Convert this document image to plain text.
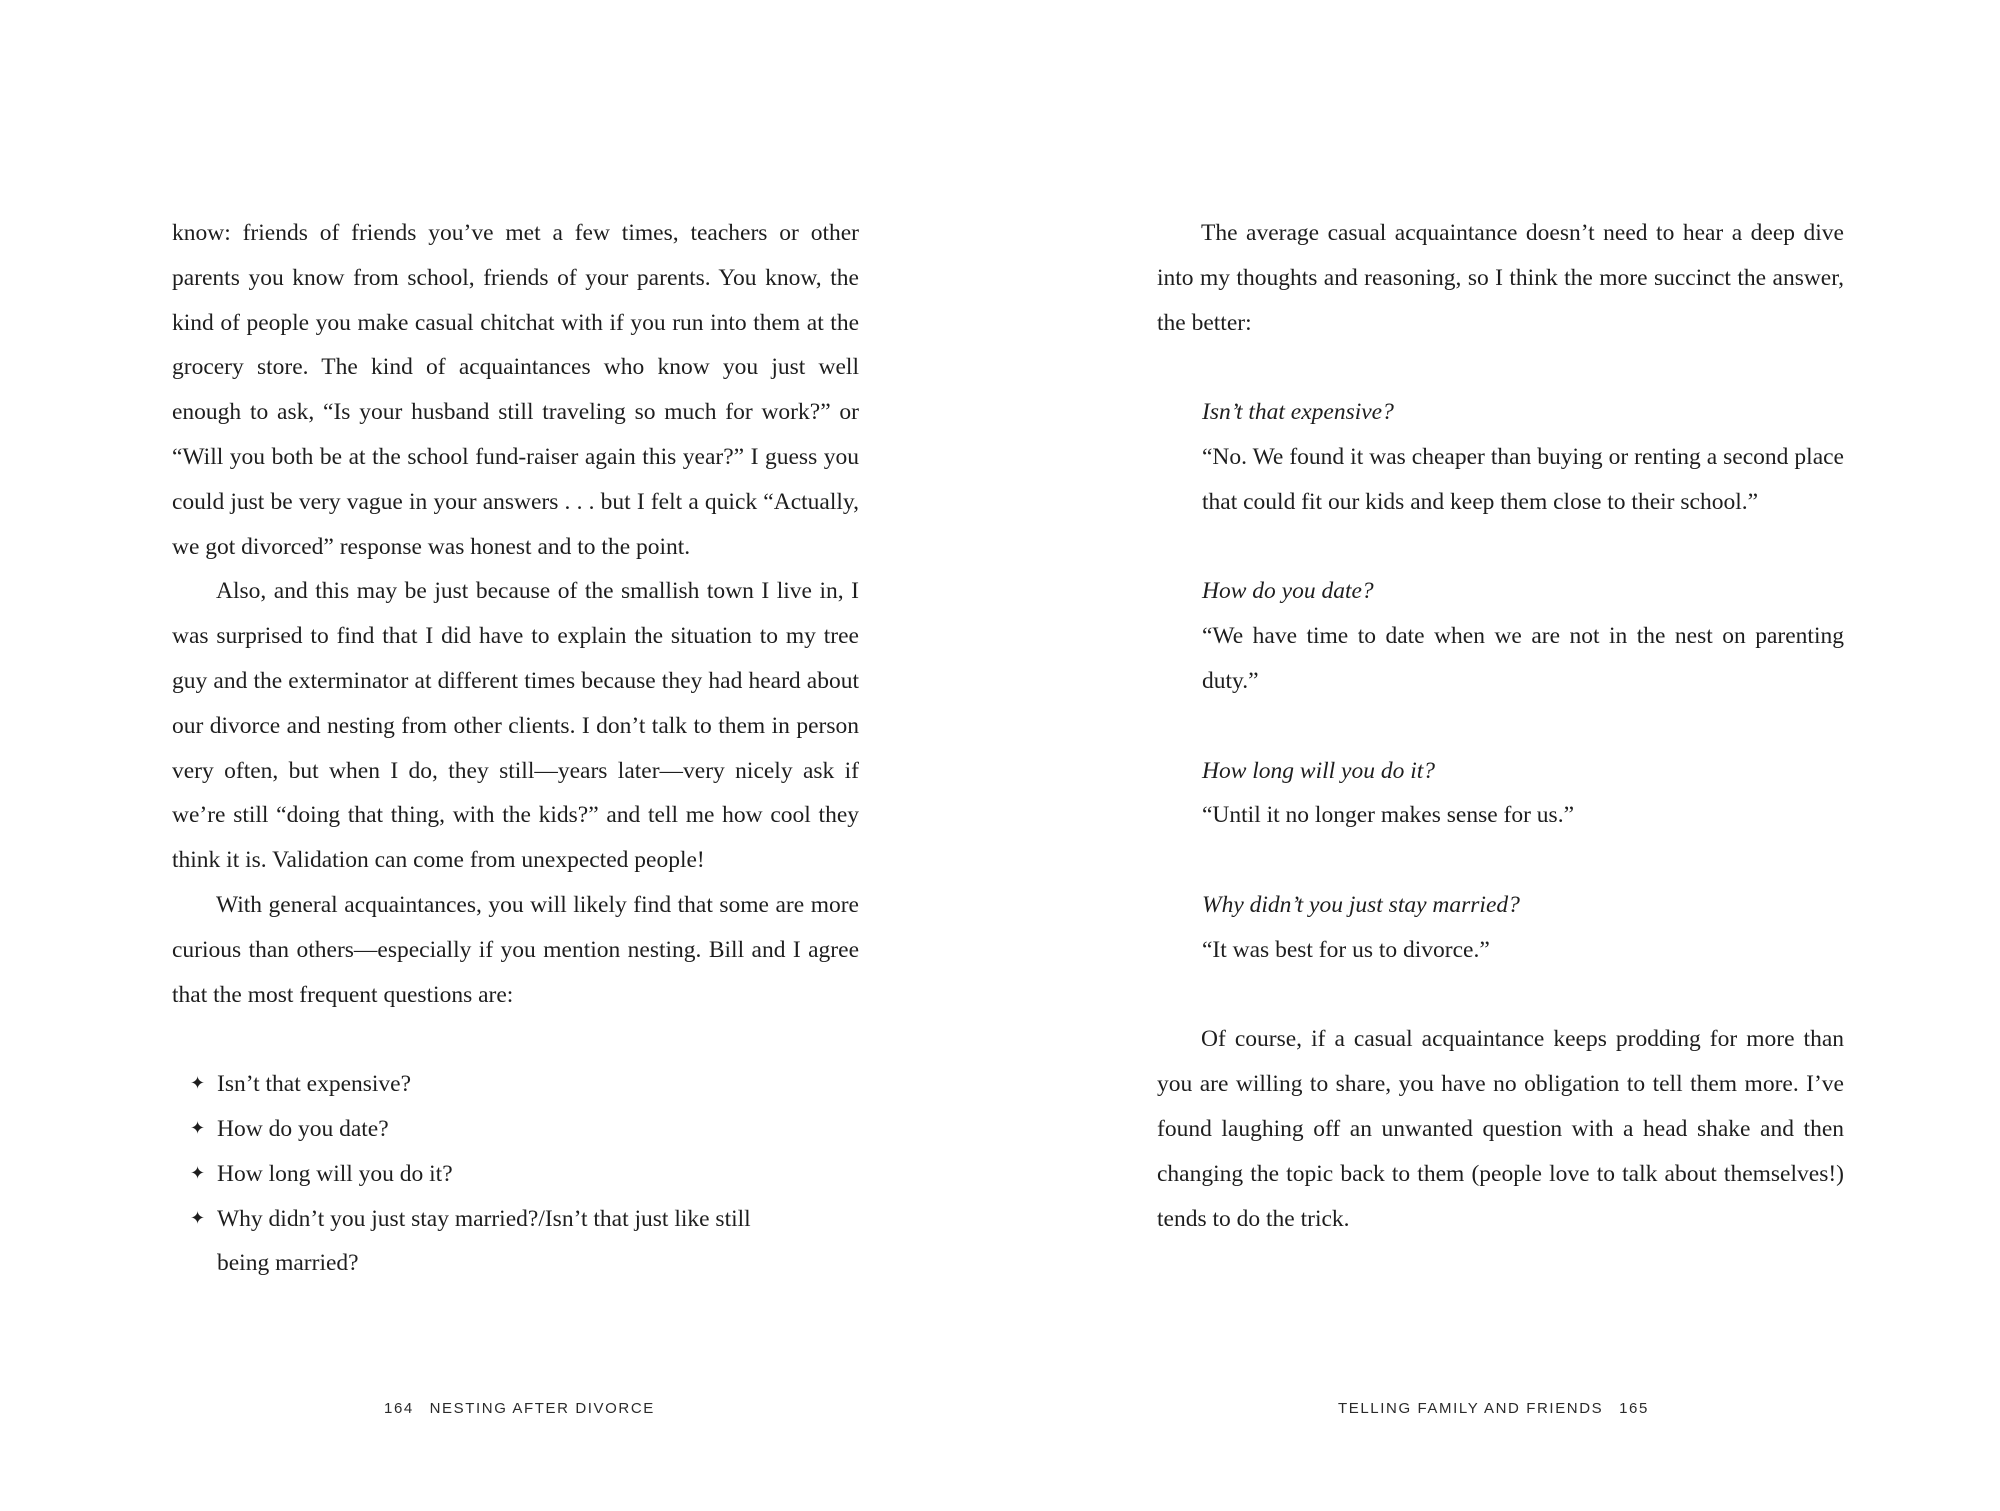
know: friends of friends you’ve met a few times, teachers or other parents you know from school, friends of your parents. You know, the kind of people you make casual chitchat with if you run into them at the grocery store. The kind of acquaintances who know you just well enough to ask, “Is your husband still traveling so much for work?” or “Will you both be at the school fund-raiser again this year?” I guess you could just be very vague in your answers . . . but I felt a quick “Actually, we got divorced” response was honest and to the point.

Also, and this may be just because of the smallish town I live in, I was surprised to find that I did have to explain the situation to my tree guy and the exterminator at different times because they had heard about our divorce and nesting from other clients. I don’t talk to them in person very often, but when I do, they still—years later—very nicely ask if we’re still “doing that thing, with the kids?” and tell me how cool they think it is. Validation can come from unexpected people!

With general acquaintances, you will likely find that some are more curious than others—especially if you mention nesting. Bill and I agree that the most frequent questions are:

✦ Isn’t that expensive?
✦ How do you date?
✦ How long will you do it?
✦ Why didn’t you just stay married?/Isn’t that just like still being married?
164 NESTING AFTER DIVORCE

The average casual acquaintance doesn’t need to hear a deep dive into my thoughts and reasoning, so I think the more succinct the answer, the better:

Isn’t that expensive?

“No. We found it was cheaper than buying or renting a second place that could fit our kids and keep them close to their school.”

How do you date?

“We have time to date when we are not in the nest on parenting duty.”

How long will you do it?

“Until it no longer makes sense for us.”

Why didn’t you just stay married?

“It was best for us to divorce.”

Of course, if a casual acquaintance keeps prodding for more than you are willing to share, you have no obligation to tell them more. I’ve found laughing off an unwanted question with a head shake and then changing the topic back to them (people love to talk about themselves!) tends to do the trick.

TELLING FAMILY AND FRIENDS 165
